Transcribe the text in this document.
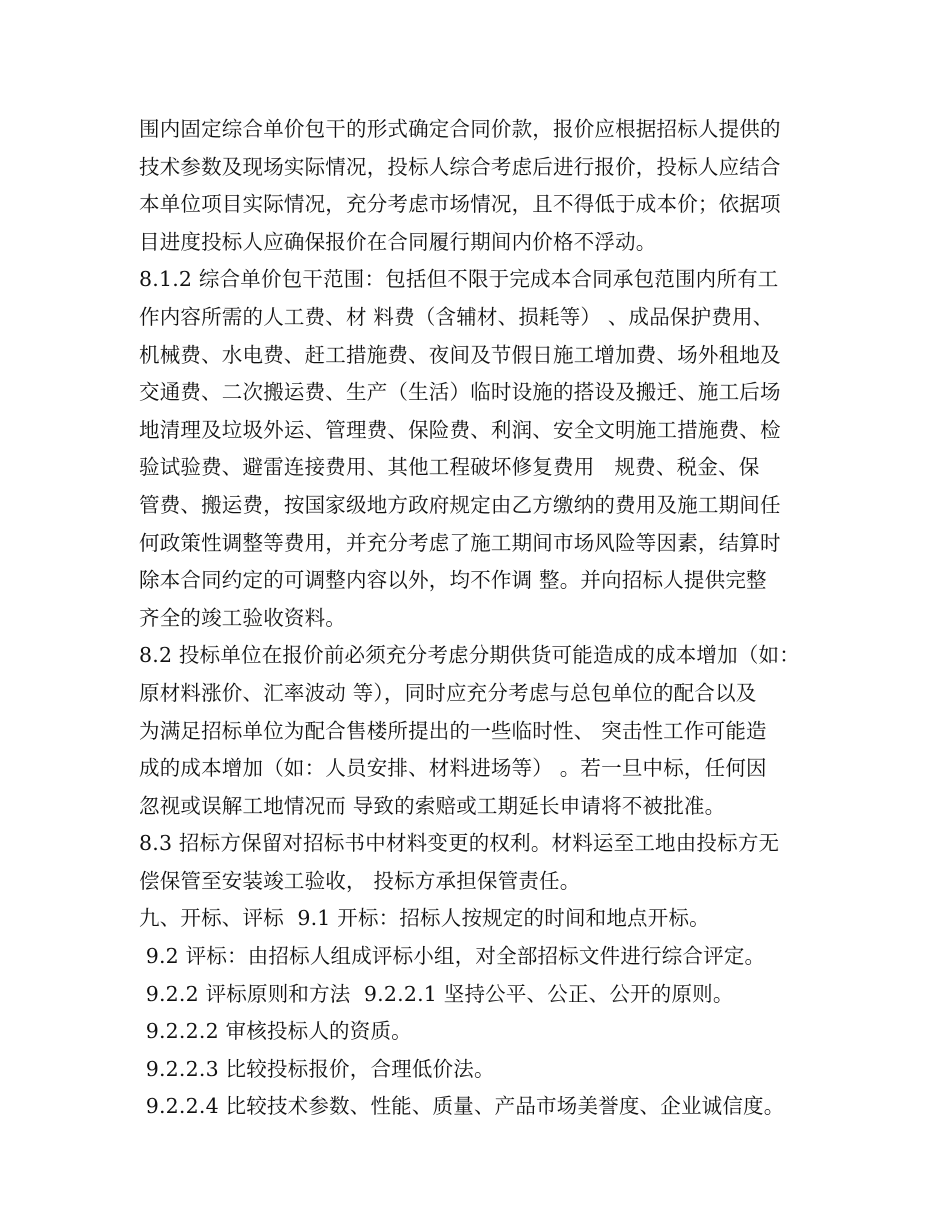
围内固定综合单价包干的形式确定合同价款，报价应根据招标人提供的
技术参数及现场实际情况，投标人综合考虑后进行报价，投标人应结合
本单位项目实际情况，充分考虑市场情况，且不得低于成本价；依据项
目进度投标人应确保报价在合同履行期间内价格不浮动。
8.1.2 综合单价包干范围：包括但不限于完成本合同承包范围内所有工
作内容所需的人工费、材 料费（含辅材、损耗等） 、成品保护费用、
机械费、水电费、赶工措施费、夜间及节假日施工增加费、场外租地及
交通费、二次搬运费、生产（生活）临时设施的搭设及搬迁、施工后场
地清理及垃圾外运、管理费、保险费、利润、安全文明施工措施费、检
验试验费、避雷连接费用、其他工程破坏修复费用   规费、税金、保
管费、搬运费，按国家级地方政府规定由乙方缴纳的费用及施工期间任
何政策性调整等费用，并充分考虑了施工期间市场风险等因素，结算时
除本合同约定的可调整内容以外，均不作调 整。并向招标人提供完整
齐全的竣工验收资料。
8.2 投标单位在报价前必须充分考虑分期供货可能造成的成本增加（如：
原材料涨价、汇率波动 等），同时应充分考虑与总包单位的配合以及
为满足招标单位为配合售楼所提出的一些临时性、 突击性工作可能造
成的成本增加（如：人员安排、材料进场等） 。若一旦中标，任何因
忽视或误解工地情况而 导致的索赔或工期延长申请将不被批准。
8.3 招标方保留对招标书中材料变更的权利。材料运至工地由投标方无
偿保管至安装竣工验收， 投标方承担保管责任。
九、开标、评标  9.1 开标：招标人按规定的时间和地点开标。
9.2 评标：由招标人组成评标小组，对全部招标文件进行综合评定。
9.2.2 评标原则和方法  9.2.2.1 坚持公平、公正、公开的原则。
9.2.2.2 审核投标人的资质。
9.2.2.3 比较投标报价，合理低价法。
9.2.2.4 比较技术参数、性能、质量、产品市场美誉度、企业诚信度。
